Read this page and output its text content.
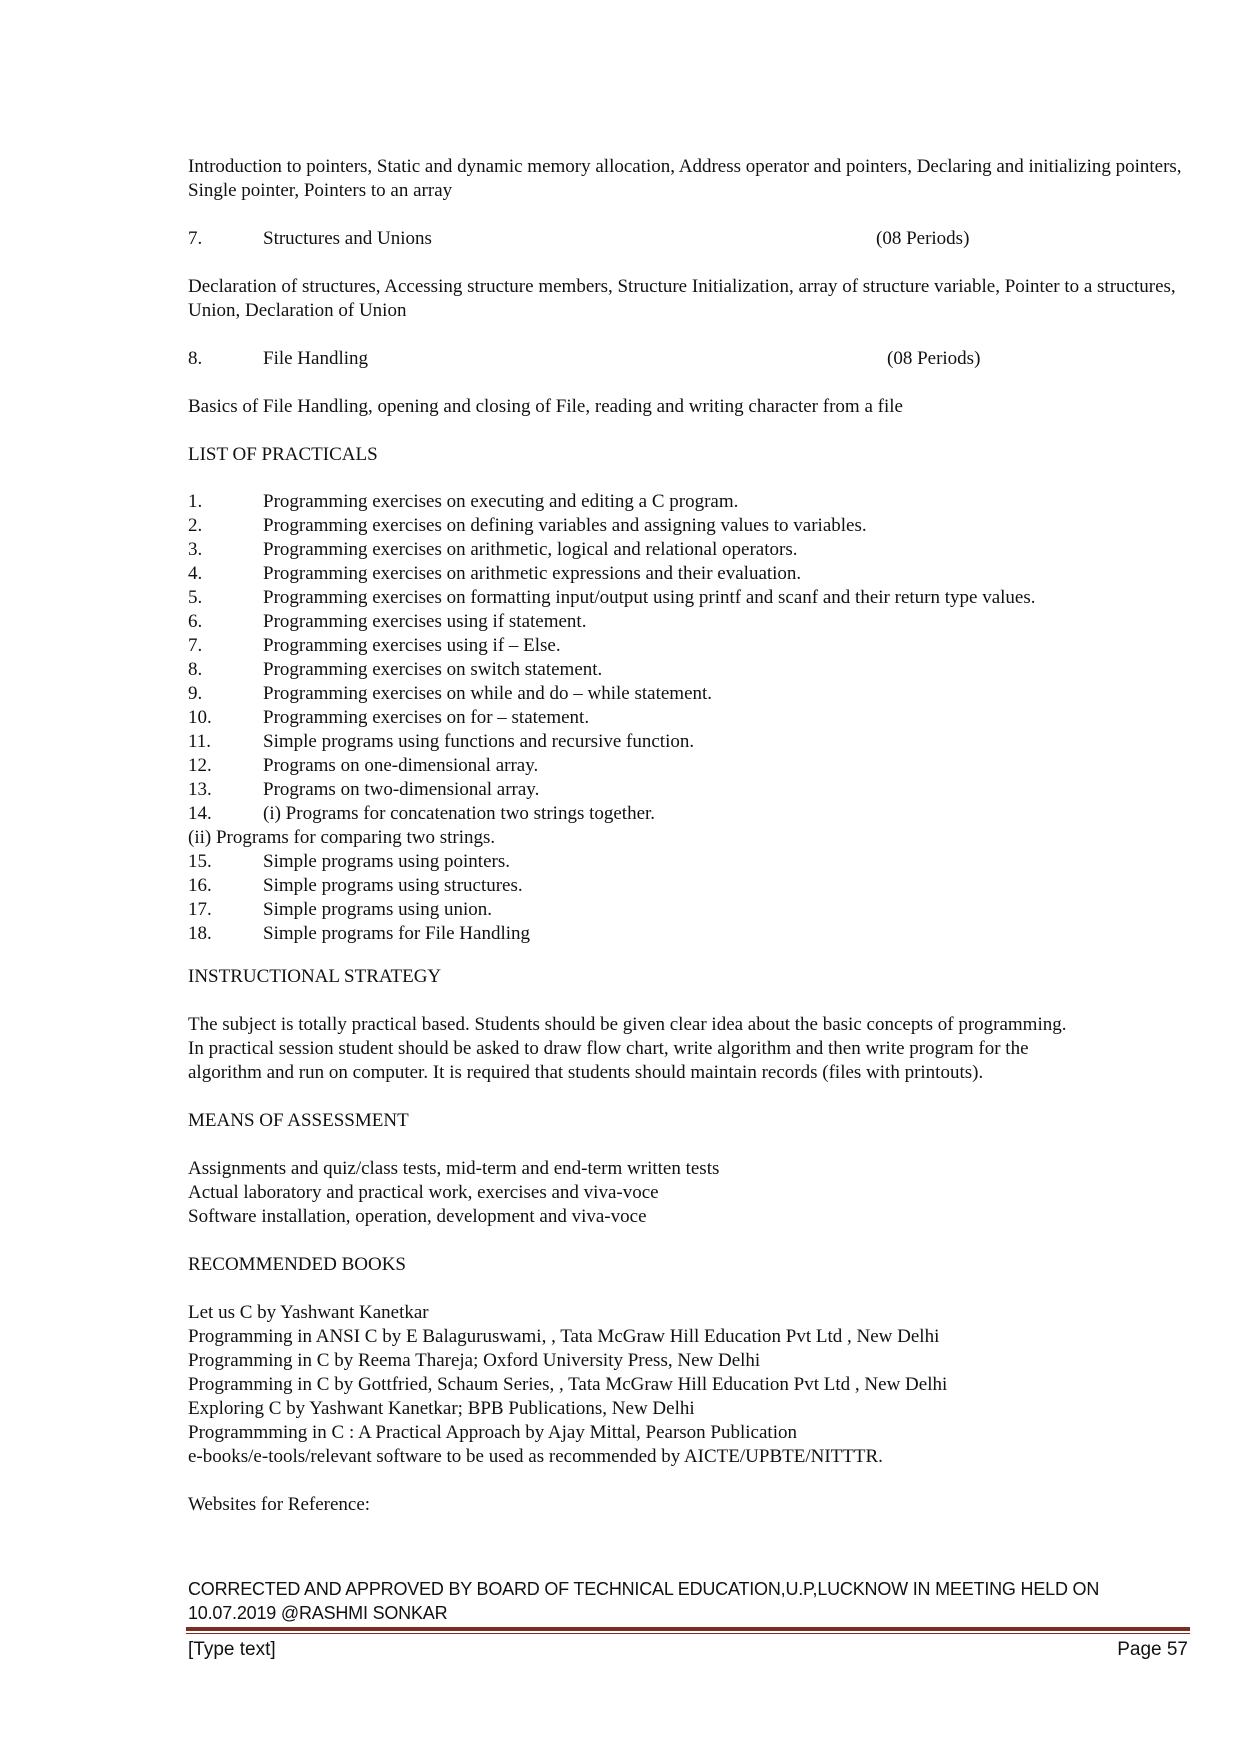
Introduction to pointers, Static and dynamic memory allocation, Address operator and pointers, Declaring and initializing pointers, Single pointer, Pointers to an array

7.	Structures and Unions	(08 Periods)

Declaration of structures, Accessing structure members, Structure Initialization, array of structure variable, Pointer to a structures, Union, Declaration of Union

8.	File Handling	(08 Periods)

Basics of File Handling, opening and closing of File, reading and writing character from a file

LIST OF PRACTICALS

1.	Programming exercises on executing and editing a C program.
2.	Programming exercises on defining variables and assigning values to variables.
3.	Programming exercises on arithmetic, logical and relational operators.
4.	Programming exercises on arithmetic expressions and their evaluation.
5.	Programming exercises on formatting input/output using printf and scanf and their return type values.
6.	Programming exercises using if statement.
7.	Programming exercises using if – Else.
8.	Programming exercises on switch statement.
9.	Programming exercises on while and do – while statement.
10.	Programming exercises on for – statement.
11.	Simple programs using functions and recursive function.
12.	Programs on one-dimensional array.
13.	Programs on two-dimensional array.
14.	(i) Programs for concatenation two strings together.
(ii) Programs for comparing two strings.
15.	Simple programs using pointers.
16.	Simple programs using structures.
17.	Simple programs using union.
18.	Simple programs for File Handling

INSTRUCTIONAL STRATEGY

The subject is totally practical based. Students should be given clear idea about the basic concepts of programming.
In practical session student should be asked to draw flow chart, write algorithm and then write program for the
algorithm and run on computer. It is required that students should maintain records (files with printouts).

MEANS OF ASSESSMENT

Assignments and quiz/class tests, mid-term and end-term written tests
Actual laboratory and practical work, exercises and viva-voce
Software installation, operation, development and viva-voce

RECOMMENDED BOOKS

Let us C by Yashwant Kanetkar
Programming in ANSI C by E Balaguruswami, , Tata McGraw Hill Education Pvt Ltd , New Delhi
Programming in C by Reema Thareja; Oxford University Press, New Delhi
Programming in C by Gottfried, Schaum Series, , Tata McGraw Hill Education Pvt Ltd , New Delhi
Exploring C by Yashwant Kanetkar; BPB Publications, New Delhi
Programmming in C : A Practical Approach by Ajay Mittal, Pearson Publication
e-books/e-tools/relevant software to be used as recommended by AICTE/UPBTE/NITTTR.

Websites for Reference:

CORRECTED AND APPROVED BY BOARD OF TECHNICAL EDUCATION,U.P,LUCKNOW IN MEETING HELD ON 10.07.2019 @RASHMI SONKAR
[Type text]	Page 57
